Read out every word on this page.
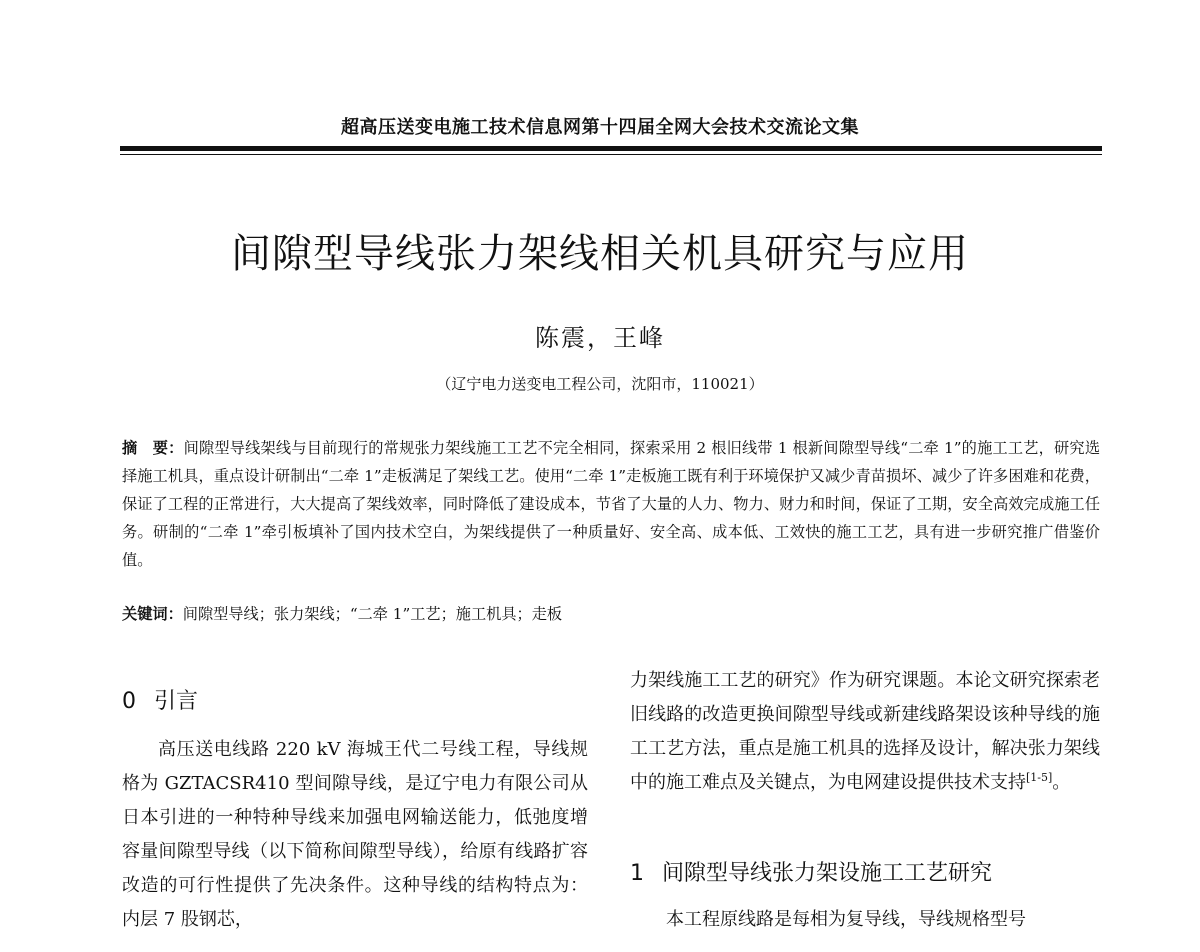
超高压送变电施工技术信息网第十四届全网大会技术交流论文集
间隙型导线张力架线相关机具研究与应用
陈震，王峰
（辽宁电力送变电工程公司，沈阳市，110021）
摘　要：间隙型导线架线与目前现行的常规张力架线施工工艺不完全相同，探索采用 2 根旧线带 1 根新间隙型导线“二牵 1”的施工工艺，研究选择施工机具，重点设计研制出“二牵 1”走板满足了架线工艺。使用“二牵 1”走板施工既有利于环境保护又减少青苗损坏、减少了许多困难和花费，保证了工程的正常进行，大大提高了架线效率，同时降低了建设成本，节省了大量的人力、物力、财力和时间，保证了工期，安全高效完成施工任务。研制的“二牵 1”牵引板填补了国内技术空白，为架线提供了一种质量好、安全高、成本低、工效快的施工工艺，具有进一步研究推广借鉴价值。
关键词：间隙型导线；张力架线；“二牵 1”工艺；施工机具；走板
0 引言
高压送电线路 220 kV 海城王代二号线工程，导线规格为 GZTACSR410 型间隙导线，是辽宁电力有限公司从日本引进的一种特种导线来加强电网输送能力，低弛度增容量间隙型导线（以下简称间隙型导线），给原有线路扩容改造的可行性提供了先决条件。这种导线的结构特点为：内层 7 股钢芯，
力架线施工工艺的研究》作为研究课题。本论文研究探索老旧线路的改造更换间隙型导线或新建线路架设该种导线的施工工艺方法，重点是施工机具的选择及设计，解决张力架线中的施工难点及关键点，为电网建设提供技术支持[1-5]。
1 间隙型导线张力架设施工工艺研究
本工程原线路是每相为复导线，导线规格型号
